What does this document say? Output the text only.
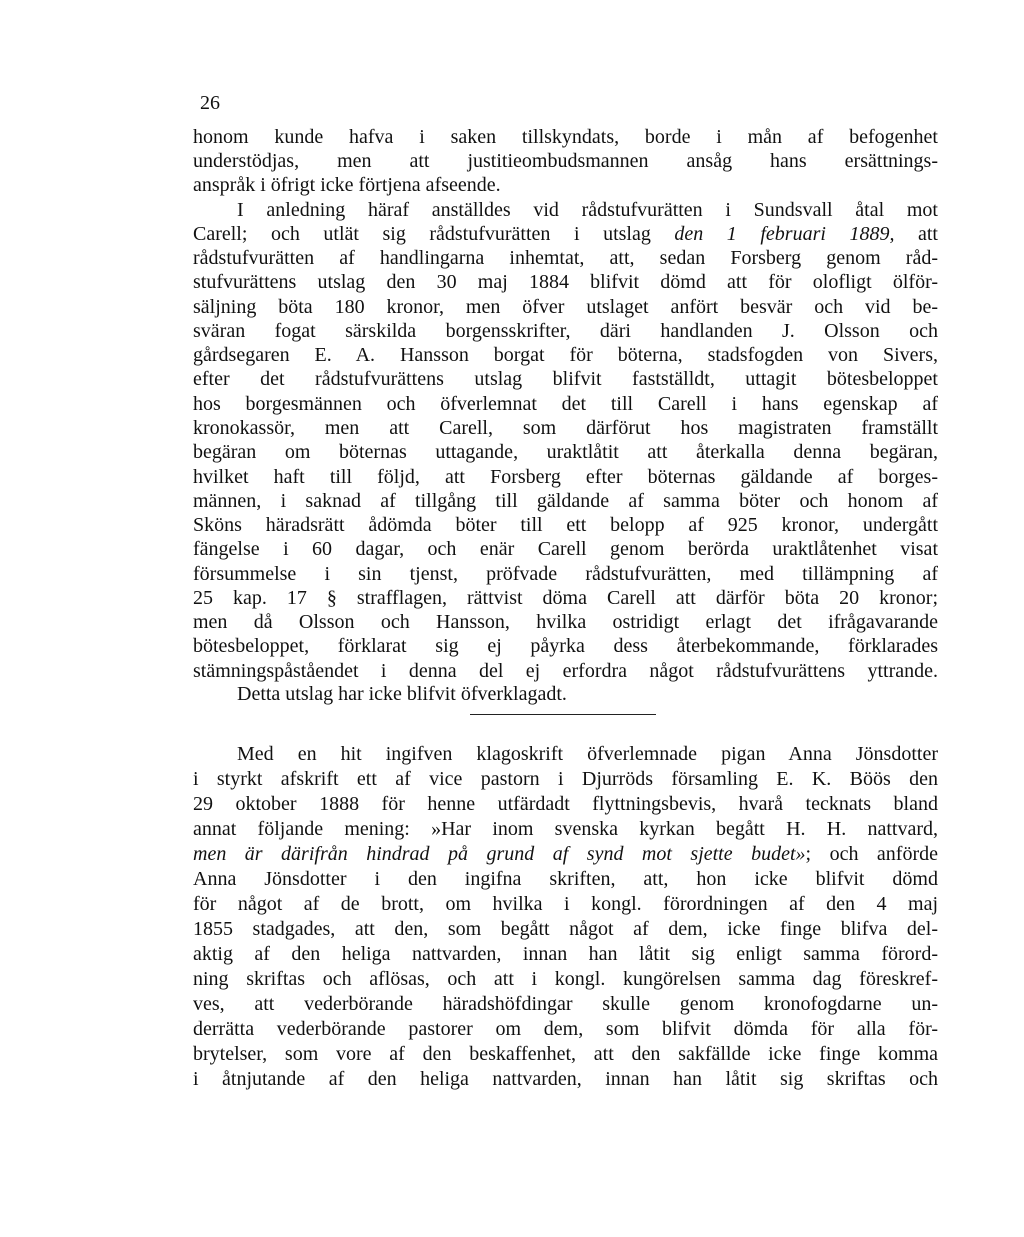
26
honom kunde hafva i saken tillskyndats, borde i mån af befogenhet
understödjas, men att justitieombudsmannen ansåg hans ersättnings-
anspråk i öfrigt icke förtjena afseende.
I anledning häraf anställdes vid rådstufvurätten i Sundsvall åtal mot
Carell; och utlät sig rådstufvurätten i utslag den 1 februari 1889, att
rådstufvurätten af handlingarna inhemtat, att, sedan Forsberg genom råd-
stufvurättens utslag den 30 maj 1884 blifvit dömd att för olofligt ölför-
säljning böta 180 kronor, men öfver utslaget anfört besvär och vid be-
sväran fogat särskilda borgensskrifter, däri handlanden J. Olsson och
gårdsegaren E. A. Hansson borgat för böterna, stadsfogden von Sivers,
efter det rådstufvurättens utslag blifvit fastställdt, uttagit bötesbeloppet
hos borgesmännen och öfverlemnat det till Carell i hans egenskap af
kronokassör, men att Carell, som därförut hos magistraten framställt
begäran om böternas uttagande, uraktlåtit att återkalla denna begäran,
hvilket haft till följd, att Forsberg efter böternas gäldande af borges-
männen, i saknad af tillgång till gäldande af samma böter och honom af
Sköns häradsrätt ådömda böter till ett belopp af 925 kronor, undergått
fängelse i 60 dagar, och enär Carell genom berörda uraktlåtenhet visat
försummelse i sin tjenst, pröfvade rådstufvurätten, med tillämpning af
25 kap. 17 § strafflagen, rättvist döma Carell att därför böta 20 kronor;
men då Olsson och Hansson, hvilka ostridigt erlagt det ifrågavarande
bötesbeloppet, förklarat sig ej påyrka dess återbekommande, förklarades
stämningspåståendet i denna del ej erfordra något rådstufvurättens yttrande.
Detta utslag har icke blifvit öfverklagadt.
Med en hit ingifven klagoskrift öfverlemnade pigan Anna Jönsdotter
i styrkt afskrift ett af vice pastorn i Djurröds församling E. K. Böös den
29 oktober 1888 för henne utfärdadt flyttningsbevis, hvarå tecknats bland
annat följande mening: »Har inom svenska kyrkan begått H. H. nattvard,
men är därifrån hindrad på grund af synd mot sjette budet»; och anförde
Anna Jönsdotter i den ingifna skriften, att, hon icke blifvit dömd
för något af de brott, om hvilka i kongl. förordningen af den 4 maj
1855 stadgades, att den, som begått något af dem, icke finge blifva del-
aktig af den heliga nattvarden, innan han låtit sig enligt samma förord-
ning skriftas och aflösas, och att i kongl. kungörelsen samma dag föreskref-
ves, att vederbörande häradshöfdingar skulle genom kronofogdarne un-
derrätta vederbörande pastorer om dem, som blifvit dömda för alla för-
brytelser, som vore af den beskaffenhet, att den sakfällde icke finge komma
i åtnjutande af den heliga nattvarden, innan han låtit sig skriftas och
